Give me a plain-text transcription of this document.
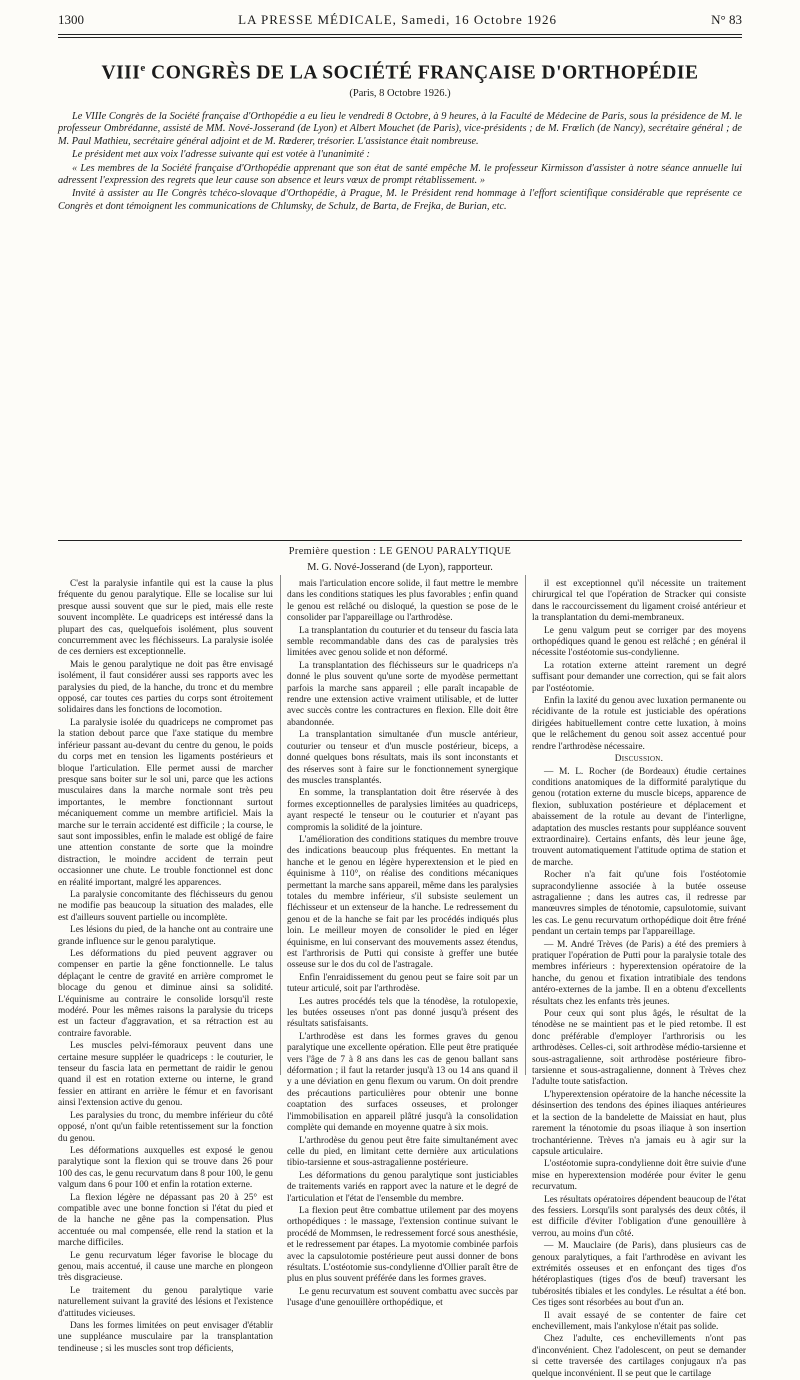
1300	LA PRESSE MÉDICALE, Samedi, 16 Octobre 1926	N° 83
VIIIe CONGRÈS DE LA SOCIÉTÉ FRANÇAISE D'ORTHOPÉDIE
(Paris, 8 Octobre 1926.)

Le VIIIe Congrès de la Société française d'Orthopédie a eu lieu le vendredi 8 Octobre, à 9 heures, à la Faculté de Médecine de Paris, sous la présidence de M. le professeur Ombrédanne, assisté de MM. Nové-Josserand (de Lyon) et Albert Mouchet (de Paris), vice-présidents ; de M. Frœlich (de Nancy), secrétaire général ; de M. Paul Mathieu, secrétaire général adjoint et de M. Rœderer, trésorier. L'assistance était nombreuse.

Le président met aux voix l'adresse suivante qui est votée à l'unanimité :

« Les membres de la Société française d'Orthopédie apprenant que son état de santé empêche M. le professeur Kirmisson d'assister à notre séance annuelle lui adressent l'expression des regrets que leur cause son absence et leurs vœux de prompt rétablissement. »

Invité à assister au IIe Congrès tchéco-slovaque d'Orthopédie, à Prague, M. le Président rend hommage à l'effort scientifique considérable que représente ce Congrès et dont témoignent les communications de Chlumsky, de Schulz, de Barta, de Frejka, de Burian, etc.

Première question : LE GENOU PARALYTIQUE
M. G. Nové-Josserand (de Lyon), rapporteur.

C'est la paralysie infantile qui est la cause la plus fréquente du genou paralytique. Elle se localise sur lui presque aussi souvent que sur le pied, mais elle reste souvent incomplète. Le quadriceps est intéressé dans la plupart des cas, quelquefois isolément, plus souvent concurremment avec les fléchisseurs. La paralysie isolée de ces derniers est exceptionnelle.

Mais le genou paralytique ne doit pas être envisagé isolément, il faut considérer aussi ses rapports avec les paralysies du pied, de la hanche, du tronc et du membre opposé, car toutes ces parties du corps sont étroitement solidaires dans les fonctions de locomotion.

La paralysie isolée du quadriceps ne compromet pas la station debout parce que l'axe statique du membre inférieur passant au-devant du centre du genou, le poids du corps met en tension les ligaments postérieurs et bloque l'articulation. Elle permet aussi de marcher presque sans boiter sur le sol uni, parce que les actions musculaires dans la marche normale sont très peu importantes, le membre fonctionnant surtout mécaniquement comme un membre artificiel. Mais la marche sur le terrain accidenté est difficile ; la course, le saut sont impossibles, enfin le malade est obligé de faire une attention constante de sorte que la moindre distraction, le moindre accident de terrain peut occasionner une chute. Le trouble fonctionnel est donc en réalité important, malgré les apparences.

La paralysie concomitante des fléchisseurs du genou ne modifie pas beaucoup la situation des malades, elle est d'ailleurs souvent partielle ou incomplète.

Les lésions du pied, de la hanche ont au contraire une grande influence sur le genou paralytique.

Les déformations du pied peuvent aggraver ou compenser en partie la gêne fonctionnelle. Le talus déplaçant le centre de gravité en arrière compromet le blocage du genou et diminue ainsi sa solidité. L'équinisme au contraire le consolide lorsqu'il reste modéré. Pour les mêmes raisons la paralysie du triceps est un facteur d'aggravation, et sa rétraction est au contraire favorable.

Les muscles pelvi-fémoraux peuvent dans une certaine mesure suppléer le quadriceps : le couturier, le tenseur du fascia lata en permettant de raidir le genou quand il est en rotation externe ou interne, le grand fessier en attirant en arrière le fémur et en favorisant ainsi l'extension active du genou.

Les paralysies du tronc, du membre inférieur du côté opposé, n'ont qu'un faible retentissement sur la fonction du genou.

Les déformations auxquelles est exposé le genou paralytique sont la flexion qui se trouve dans 26 pour 100 des cas, le genu recurvatum dans 8 pour 100, le genu valgum dans 6 pour 100 et enfin la rotation externe.

La flexion légère ne dépassant pas 20 à 25° est compatible avec une bonne fonction si l'état du pied et de la hanche ne gêne pas la compensation. Plus accentuée ou mal compensée, elle rend la station et la marche difficiles.

Le genu recurvatum léger favorise le blocage du genou, mais accentué, il cause une marche en plongeon très disgracieuse.

Le traitement du genou paralytique varie naturellement suivant la gravité des lésions et l'existence d'attitudes vicieuses.

Dans les formes limitées on peut envisager d'établir une suppléance musculaire par la transplantation tendineuse ; si les muscles sont trop déficients,

mais l'articulation encore solide, il faut mettre le membre dans les conditions statiques les plus favorables ; enfin quand le genou est relâché ou disloqué, la question se pose de le consolider par l'appareillage ou l'arthrodèse.

La transplantation du couturier et du tenseur du fascia lata semble recommandable dans des cas de paralysies très limitées avec genou solide et non déformé.

La transplantation des fléchisseurs sur le quadriceps n'a donné le plus souvent qu'une sorte de myodèse permettant parfois la marche sans appareil ; elle paraît incapable de rendre une extension active vraiment utilisable, et de lutter avec succès contre les contractures en flexion. Elle doit être abandonnée.

La transplantation simultanée d'un muscle antérieur, couturier ou tenseur et d'un muscle postérieur, biceps, a donné quelques bons résultats, mais ils sont inconstants et des réserves sont à faire sur le fonctionnement synergique des muscles transplantés.

En somme, la transplantation doit être réservée à des formes exceptionnelles de paralysies limitées au quadriceps, ayant respecté le tenseur ou le couturier et n'ayant pas compromis la solidité de la jointure.

L'amélioration des conditions statiques du membre trouve des indications beaucoup plus fréquentes. En mettant la hanche et le genou en légère hyperextension et le pied en équinisme à 110°, on réalise des conditions mécaniques permettant la marche sans appareil, même dans les paralysies totales du membre inférieur, s'il subsiste seulement un fléchisseur et un extenseur de la hanche. Le redressement du genou et de la hanche se fait par les procédés indiqués plus loin. Le meilleur moyen de consolider le pied en léger équinisme, en lui conservant des mouvements assez étendus, est l'arthrorisis de Putti qui consiste à greffer une butée osseuse sur le dos du col de l'astragale.

Enfin l'enraidissement du genou peut se faire soit par un tuteur articulé, soit par l'arthrodèse.

Les autres procédés tels que la ténodèse, la rotulopexie, les butées osseuses n'ont pas donné jusqu'à présent des résultats satisfaisants.

L'arthrodèse est dans les formes graves du genou paralytique une excellente opération. Elle peut être pratiquée vers l'âge de 7 à 8 ans dans les cas de genou ballant sans déformation ; il faut la retarder jusqu'à 13 ou 14 ans quand il y a une déviation en genu flexum ou varum. On doit prendre des précautions particulières pour obtenir une bonne coaptation des surfaces osseuses, et prolonger l'immobilisation en appareil plâtré jusqu'à la consolidation complète qui demande en moyenne quatre à six mois.

L'arthrodèse du genou peut être faite simultanément avec celle du pied, en limitant cette dernière aux articulations tibio-tarsienne et sous-astragalienne postérieure.

Les déformations du genou paralytique sont justiciables de traitements variés en rapport avec la nature et le degré de l'articulation et l'état de l'ensemble du membre.

La flexion peut être combattue utilement par des moyens orthopédiques : le massage, l'extension continue suivant le procédé de Mommsen, le redressement forcé sous anesthésie, et le redressement par étapes. La myotomie combinée parfois avec la capsulotomie postérieure peut aussi donner de bons résultats. L'ostéotomie sus-condylienne d'Ollier paraît être de plus en plus souvent préférée dans les formes graves.

Le genu recurvatum est souvent combattu avec succès par l'usage d'une genouillère orthopédique, et

il est exceptionnel qu'il nécessite un traitement chirurgical tel que l'opération de Stracker qui consiste dans le raccourcissement du ligament croisé antérieur et la transplantation du demi-membraneux.

Le genu valgum peut se corriger par des moyens orthopédiques quand le genou est relâché ; en général il nécessite l'ostéotomie sus-condylienne.

La rotation externe atteint rarement un degré suffisant pour demander une correction, qui se fait alors par l'ostéotomie.

Enfin la laxité du genou avec luxation permanente ou récidivante de la rotule est justiciable des opérations dirigées habituellement contre cette luxation, à moins que le relâchement du genou soit assez accentué pour rendre l'arthrodèse nécessaire.

Discussion.

— M. L. Rocher (de Bordeaux) étudie certaines conditions anatomiques de la difformité paralytique du genou (rotation externe du muscle biceps, apparence de flexion, subluxation postérieure et déplacement et abaissement de la rotule au devant de l'interligne, adaptation des muscles restants pour suppléance souvent extraordinaire). Certains enfants, dès leur jeune âge, trouvent automatiquement l'attitude optima de station et de marche.

Rocher n'a fait qu'une fois l'ostéotomie supracondylienne associée à la butée osseuse astragalienne ; dans les autres cas, il redresse par manœuvres simples de ténotomie, capsulotomie, suivant les cas. Le genu recurvatum orthopédique doit être fréné pendant un certain temps par l'appareillage.

— M. André Trèves (de Paris) a été des premiers à pratiquer l'opération de Putti pour la paralysie totale des membres inférieurs : hyperextension opératoire de la hanche, du genou et fixation intratibiale des tendons antéro-externes de la jambe. Il en a obtenu d'excellents résultats chez les enfants très jeunes.

Pour ceux qui sont plus âgés, le résultat de la ténodèse ne se maintient pas et le pied retombe. Il est donc préférable d'employer l'arthrorisis ou les arthrodèses. Celles-ci, soit arthrodèse médio-tarsienne et sous-astragalienne, soit arthrodèse postérieure fibro-tarsienne et sous-astragalienne, donnent à Trèves chez l'adulte toute satisfaction.

L'hyperextension opératoire de la hanche nécessite la désinsertion des tendons des épines iliaques antérieures et la section de la bandelette de Maissiat en haut, plus rarement la ténotomie du psoas iliaque à son insertion trochantérienne. Trèves n'a jamais eu à agir sur la capsule articulaire.

L'ostéotomie supra-condylienne doit être suivie d'une mise en hyperextension modérée pour éviter le genu recurvatum.

Les résultats opératoires dépendent beaucoup de l'état des fessiers. Lorsqu'ils sont paralysés des deux côtés, il est difficile d'éviter l'obligation d'une genouillère à verrou, au moins d'un côté.

— M. Mauclaire (de Paris), dans plusieurs cas de genoux paralytiques, a fait l'arthrodèse en avivant les extrémités osseuses et en enfonçant des tiges d'os hétéroplastiques (tiges d'os de bœuf) traversant les tubérosités tibiales et les condyles. Le résultat a été bon. Ces tiges sont résorbées au bout d'un an.

Il avait essayé de se contenter de faire cet enchevillement, mais l'ankylose n'était pas solide.

Chez l'adulte, ces enchevillements n'ont pas d'inconvénient. Chez l'adolescent, on peut se demander si cette traversée des cartilages conjugaux n'a pas quelque inconvénient. Il se peut que le cartilage
